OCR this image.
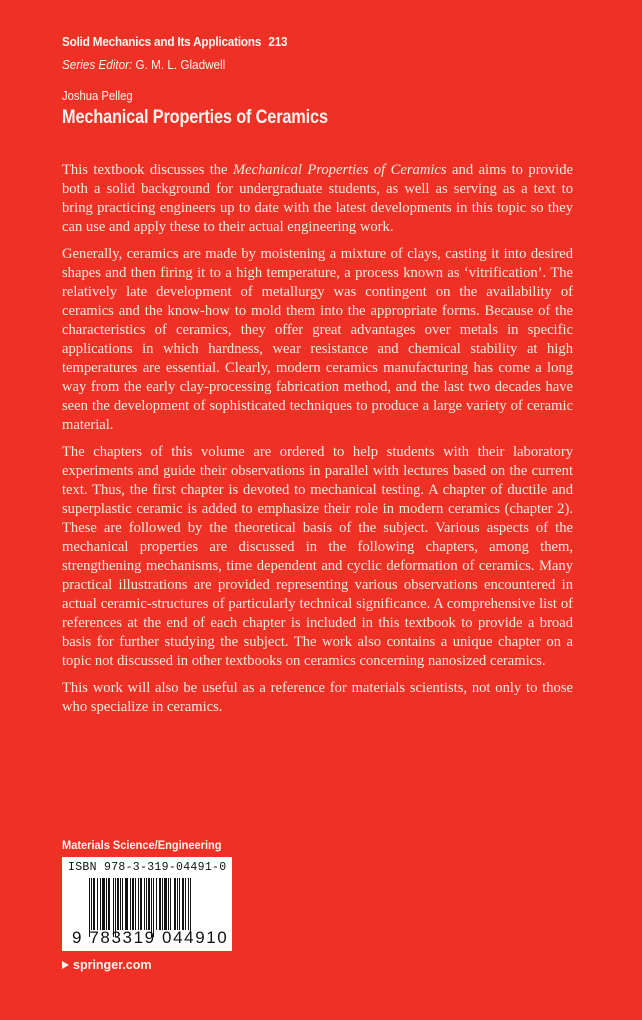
Solid Mechanics and Its Applications 213
Series Editor: G. M. L. Gladwell
Joshua Pelleg
Mechanical Properties of Ceramics

This textbook discusses the Mechanical Properties of Ceramics and aims to provide both a solid background for undergraduate students, as well as serving as a text to bring practicing engineers up to date with the latest developments in this topic so they can use and apply these to their actual engineering work.

Generally, ceramics are made by moistening a mixture of clays, casting it into desired shapes and then firing it to a high temperature, a process known as ‘vitrification’. The relatively late development of metallurgy was contingent on the availability of ceramics and the know-how to mold them into the appropriate forms. Because of the characteristics of ceramics, they offer great advantages over metals in specific applications in which hardness, wear resistance and chemical stability at high temperatures are essential. Clearly, modern ceramics manufacturing has come a long way from the early clay-processing fabrication method, and the last two decades have seen the development of sophisticated techniques to produce a large variety of ceramic material.

The chapters of this volume are ordered to help students with their laboratory experiments and guide their observations in parallel with lectures based on the current text. Thus, the first chapter is devoted to mechanical testing. A chapter of ductile and superplastic ceramic is added to emphasize their role in modern ceramics (chapter 2). These are followed by the theoretical basis of the subject. Various aspects of the mechanical properties are discussed in the following chapters, among them, strengthening mechanisms, time dependent and cyclic deformation of ceramics. Many practical illustrations are provided representing various observations encountered in actual ceramic-structures of particularly technical significance. A comprehensive list of references at the end of each chapter is included in this textbook to provide a broad basis for further studying the subject. The work also contains a unique chapter on a topic not discussed in other textbooks on ceramics concerning nanosized ceramics.

This work will also be useful as a reference for materials scientists, not only to those who specialize in ceramics.

Materials Science/Engineering
ISBN 978-3-319-04491-0
9 783319 044910
springer.com
